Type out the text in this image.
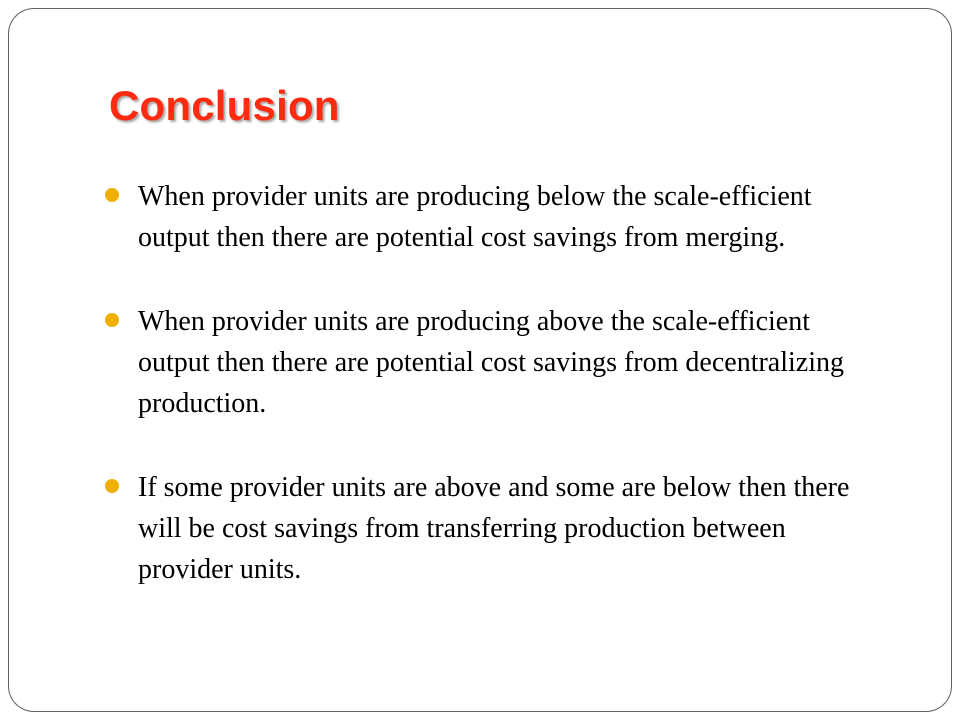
Conclusion
When provider units are producing below the scale-efficient output then there are potential cost savings from merging.
When provider units are producing above the scale-efficient output then there are potential cost savings from decentralizing production.
If some provider units are above and some are below then there will be cost savings from transferring production between provider units.
